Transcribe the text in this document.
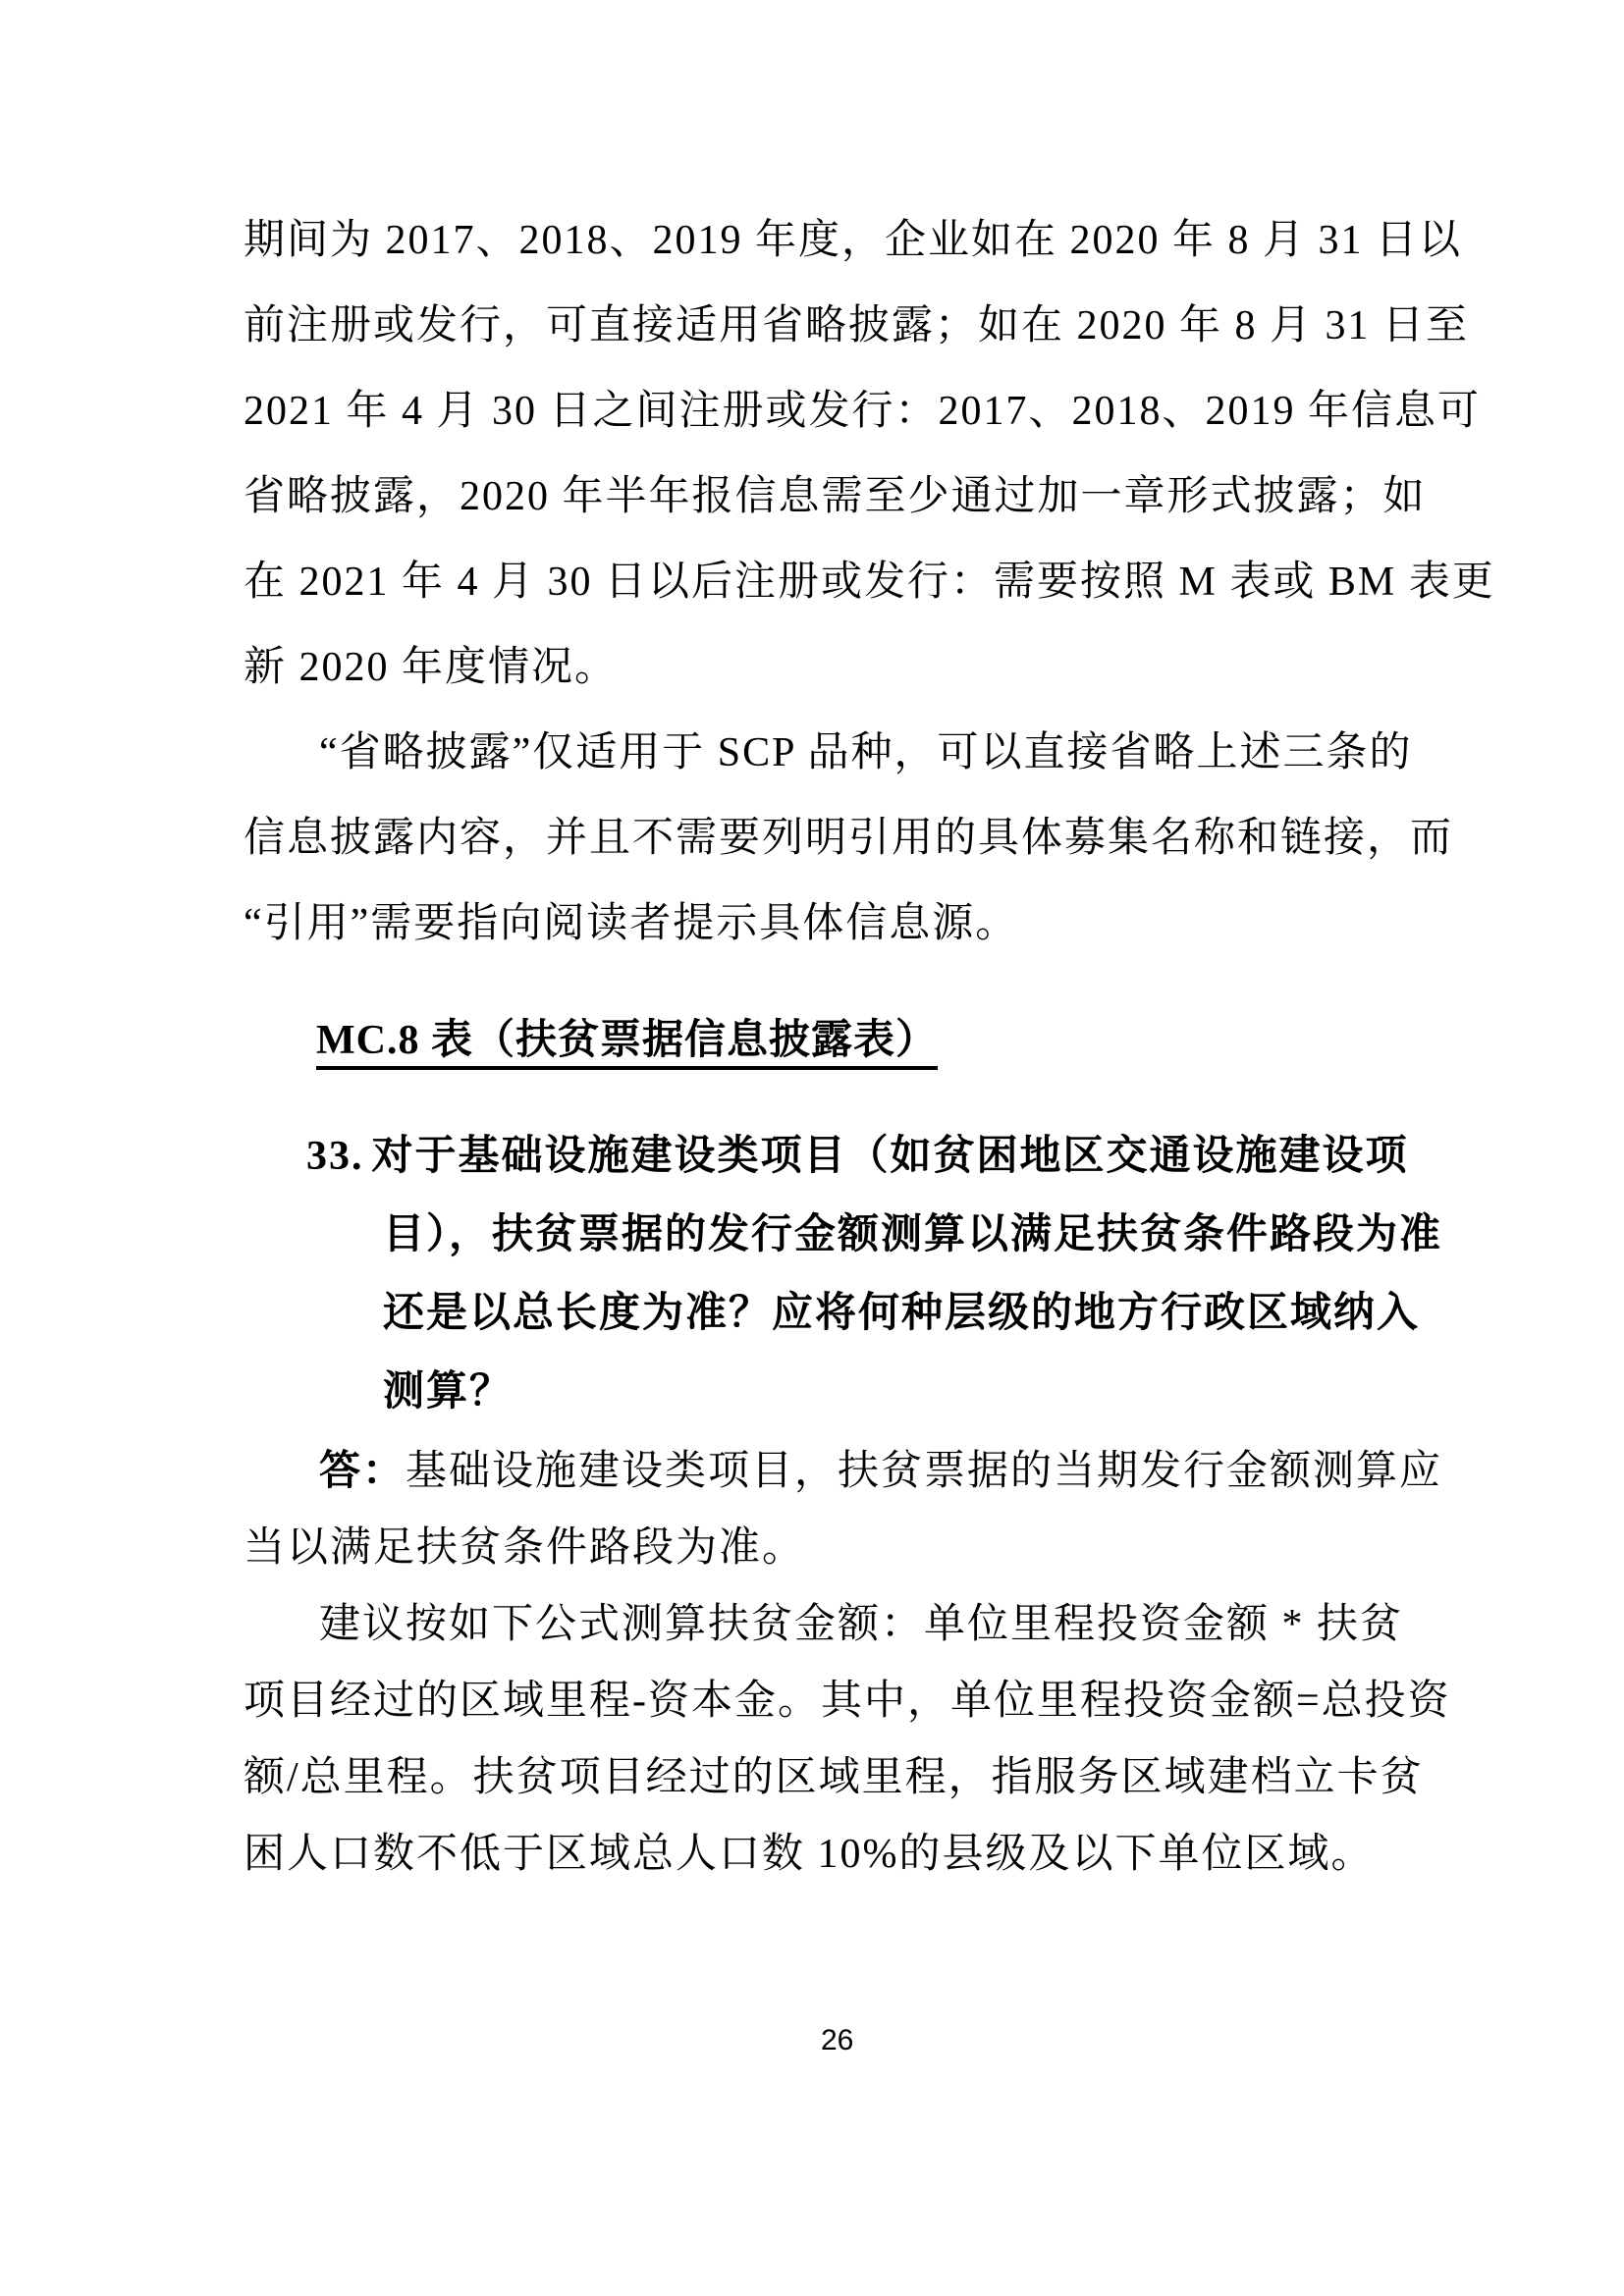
期间为 2017、2018、2019 年度，企业如在 2020 年 8 月 31 日以
前注册或发行，可直接适用省略披露；如在 2020 年 8 月 31 日至
2021 年 4 月 30 日之间注册或发行：2017、2018、2019 年信息可
省略披露，2020 年半年报信息需至少通过加一章形式披露；如
在 2021 年 4 月 30 日以后注册或发行：需要按照 M 表或 BM 表更
新 2020 年度情况。
“省略披露”仅适用于 SCP 品种，可以直接省略上述三条的
信息披露内容，并且不需要列明引用的具体募集名称和链接，而
“引用”需要指向阅读者提示具体信息源。
MC.8 表（扶贫票据信息披露表）
33. 对于基础设施建设类项目（如贫困地区交通设施建设项
目），扶贫票据的发行金额测算以满足扶贫条件路段为准
还是以总长度为准？应将何种层级的地方行政区域纳入
测算？
答：基础设施建设类项目，扶贫票据的当期发行金额测算应
当以满足扶贫条件路段为准。
建议按如下公式测算扶贫金额：单位里程投资金额 * 扶贫
项目经过的区域里程-资本金。其中，单位里程投资金额=总投资
额/总里程。扶贫项目经过的区域里程，指服务区域建档立卡贫
困人口数不低于区域总人口数 10%的县级及以下单位区域。
26
